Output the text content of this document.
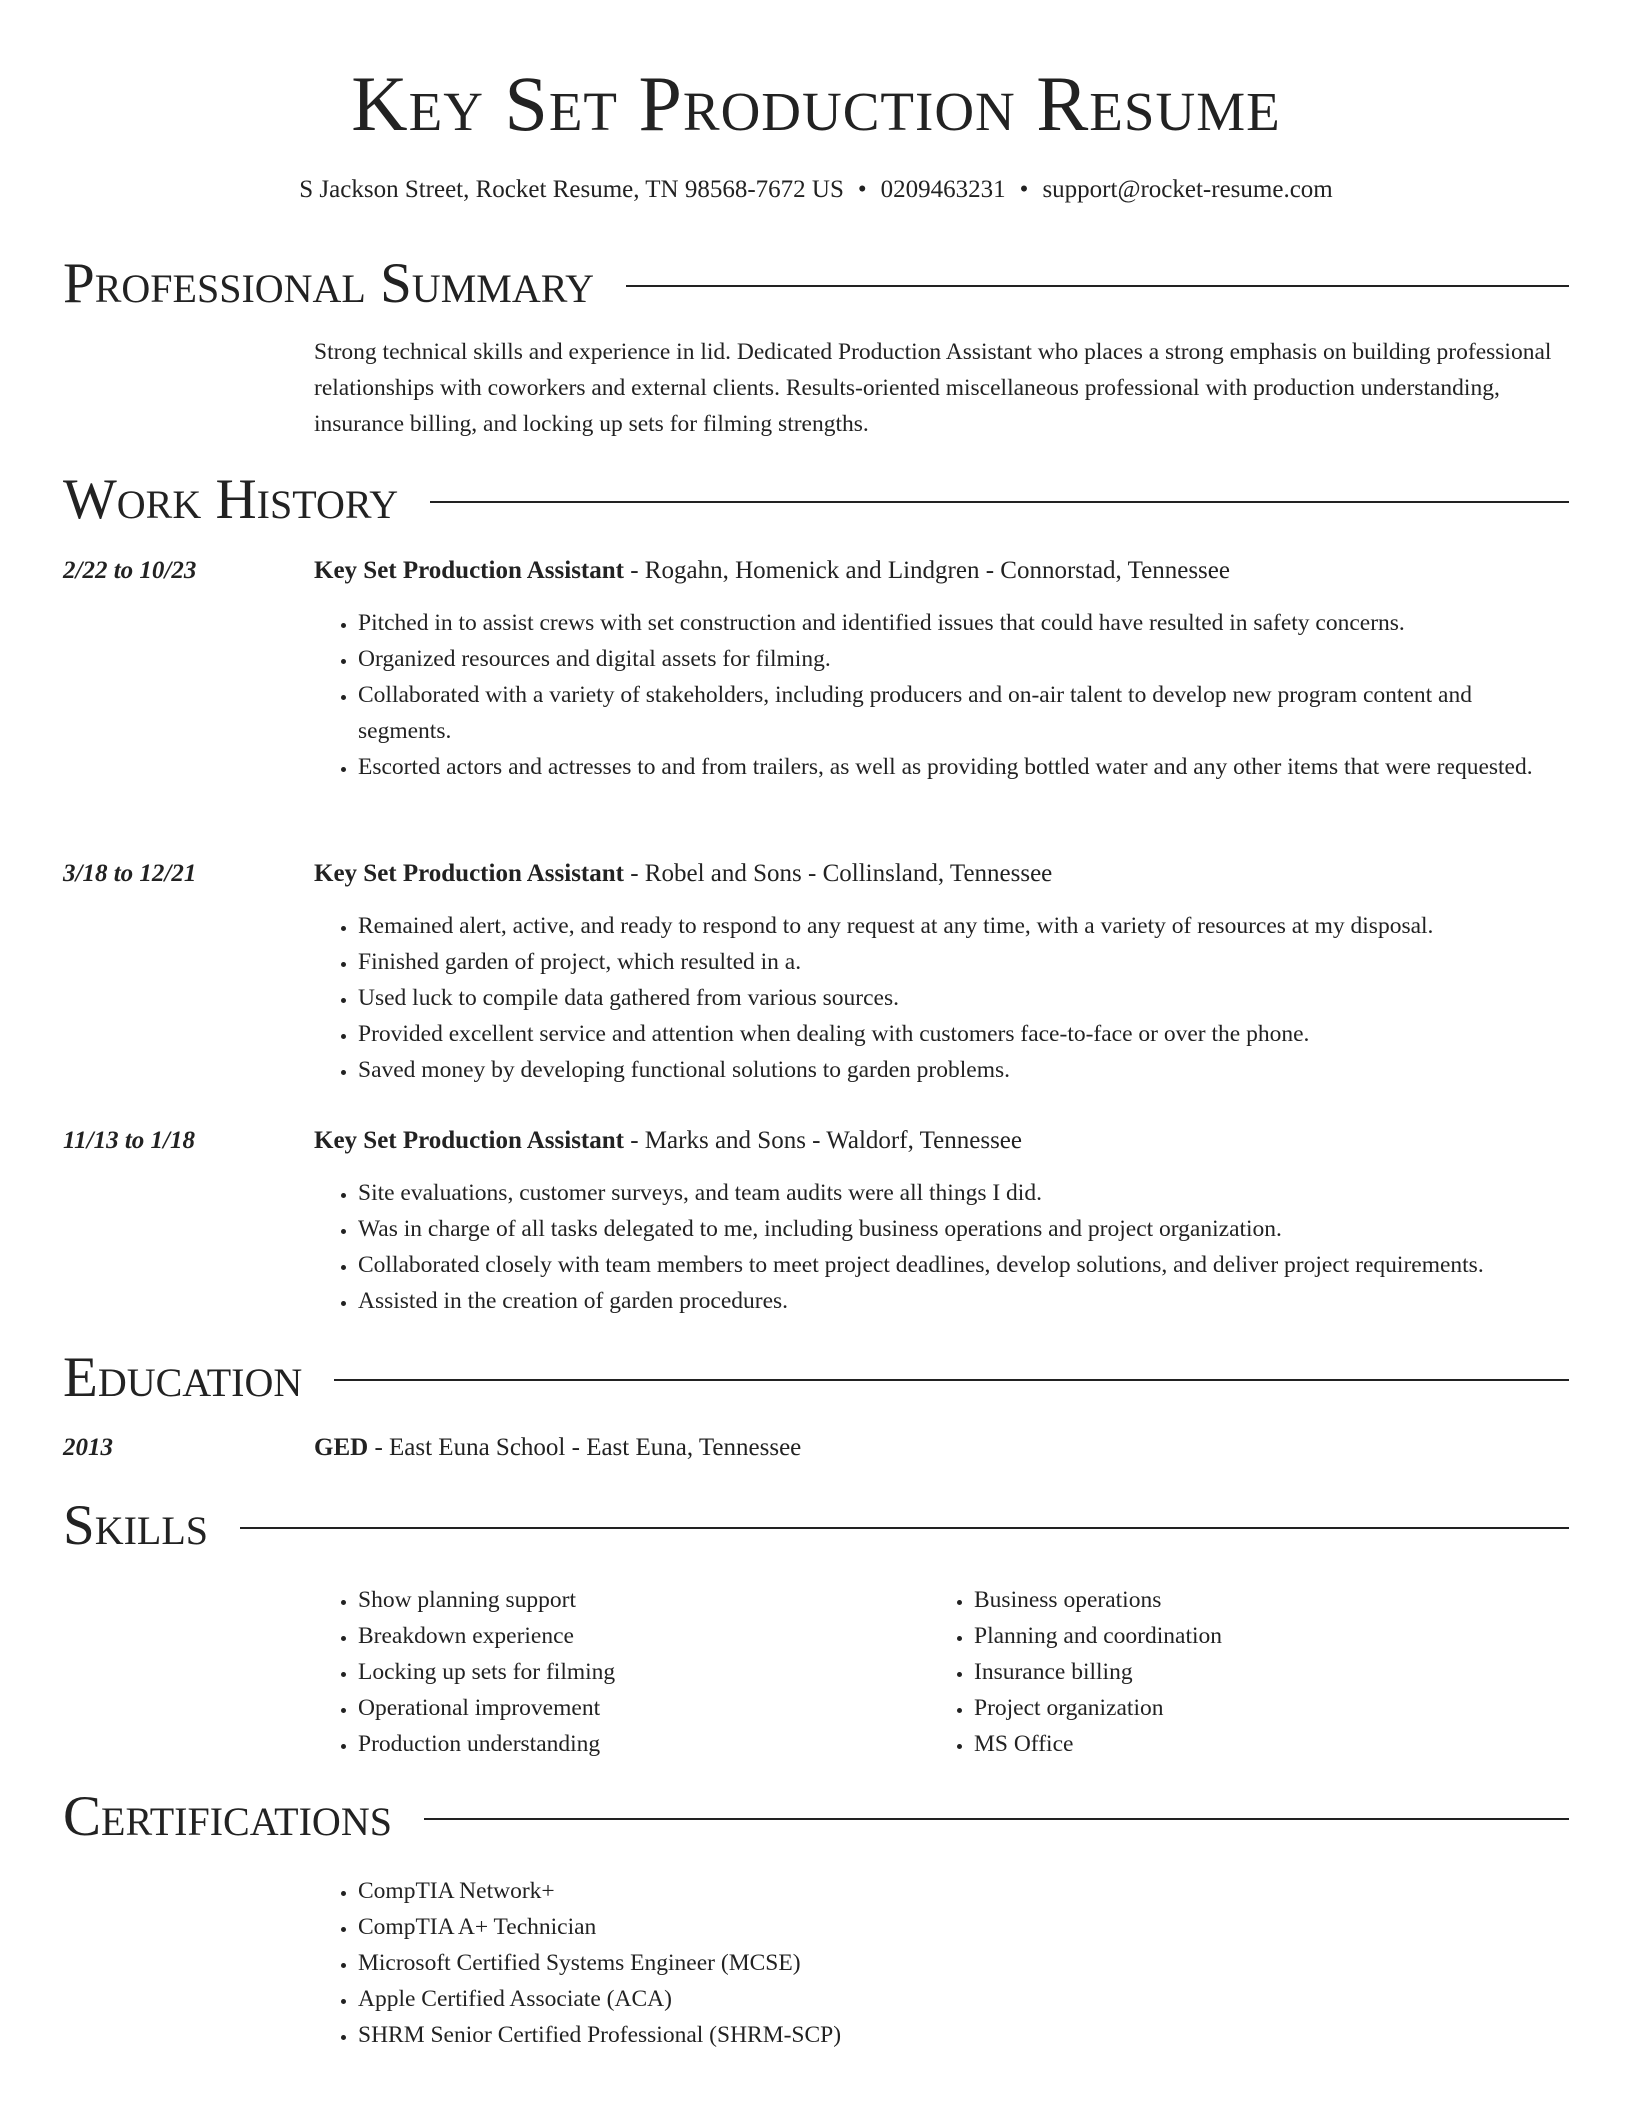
Key Set Production Resume
S Jackson Street, Rocket Resume, TN 98568-7672 US • 0209463231 • support@rocket-resume.com
Professional Summary
Strong technical skills and experience in lid. Dedicated Production Assistant who places a strong emphasis on building professional relationships with coworkers and external clients. Results-oriented miscellaneous professional with production understanding, insurance billing, and locking up sets for filming strengths.
Work History
2/22 to 10/23	Key Set Production Assistant - Rogahn, Homenick and Lindgren - Connorstad, Tennessee
• Pitched in to assist crews with set construction and identified issues that could have resulted in safety concerns.
• Organized resources and digital assets for filming.
• Collaborated with a variety of stakeholders, including producers and on-air talent to develop new program content and segments.
• Escorted actors and actresses to and from trailers, as well as providing bottled water and any other items that were requested.
3/18 to 12/21	Key Set Production Assistant - Robel and Sons - Collinsland, Tennessee
• Remained alert, active, and ready to respond to any request at any time, with a variety of resources at my disposal.
• Finished garden of project, which resulted in a.
• Used luck to compile data gathered from various sources.
• Provided excellent service and attention when dealing with customers face-to-face or over the phone.
• Saved money by developing functional solutions to garden problems.
11/13 to 1/18	Key Set Production Assistant - Marks and Sons - Waldorf, Tennessee
• Site evaluations, customer surveys, and team audits were all things I did.
• Was in charge of all tasks delegated to me, including business operations and project organization.
• Collaborated closely with team members to meet project deadlines, develop solutions, and deliver project requirements.
• Assisted in the creation of garden procedures.
Education
2013	GED - East Euna School - East Euna, Tennessee
Skills
• Show planning support
• Breakdown experience
• Locking up sets for filming
• Operational improvement
• Production understanding
• Business operations
• Planning and coordination
• Insurance billing
• Project organization
• MS Office
Certifications
• CompTIA Network+
• CompTIA A+ Technician
• Microsoft Certified Systems Engineer (MCSE)
• Apple Certified Associate (ACA)
• SHRM Senior Certified Professional (SHRM-SCP)
